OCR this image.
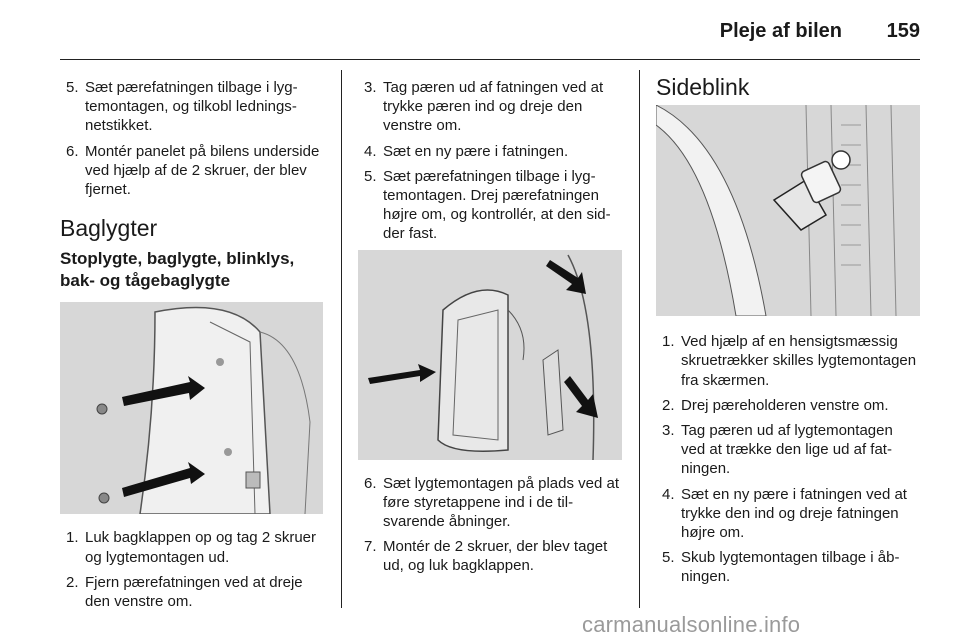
Pleje af bilen 159
5. Sæt pærefatningen tilbage i lygtemontagen, og tilkobl ledningsnetstikket.
6. Montér panelet på bilens underside ved hjælp af de 2 skruer, der blev fjernet.
Baglygter
Stoplygte, baglygte, blinklys, bak- og tågebaglygte
1. Luk bagklappen op og tag 2 skruer og lygtemontagen ud.
2. Fjern pærefatningen ved at dreje den venstre om.
3. Tag pæren ud af fatningen ved at trykke pæren ind og dreje den venstre om.
4. Sæt en ny pære i fatningen.
5. Sæt pærefatningen tilbage i lygtemontagen. Drej pærefatningen højre om, og kontrollér, at den sidder fast.
6. Sæt lygtemontagen på plads ved at føre styretappene ind i de tilsvarende åbninger.
7. Montér de 2 skruer, der blev taget ud, og luk bagklappen.
Sideblink
1. Ved hjælp af en hensigtsmæssig skruetrækker skilles lygtemontagen fra skærmen.
2. Drej pæreholderen venstre om.
3. Tag pæren ud af lygtemontagen ved at trække den lige ud af fatningen.
4. Sæt en ny pære i fatningen ved at trykke den ind og dreje fatningen højre om.
5. Skub lygtemontagen tilbage i åbningen.
carmanualsonline.info
